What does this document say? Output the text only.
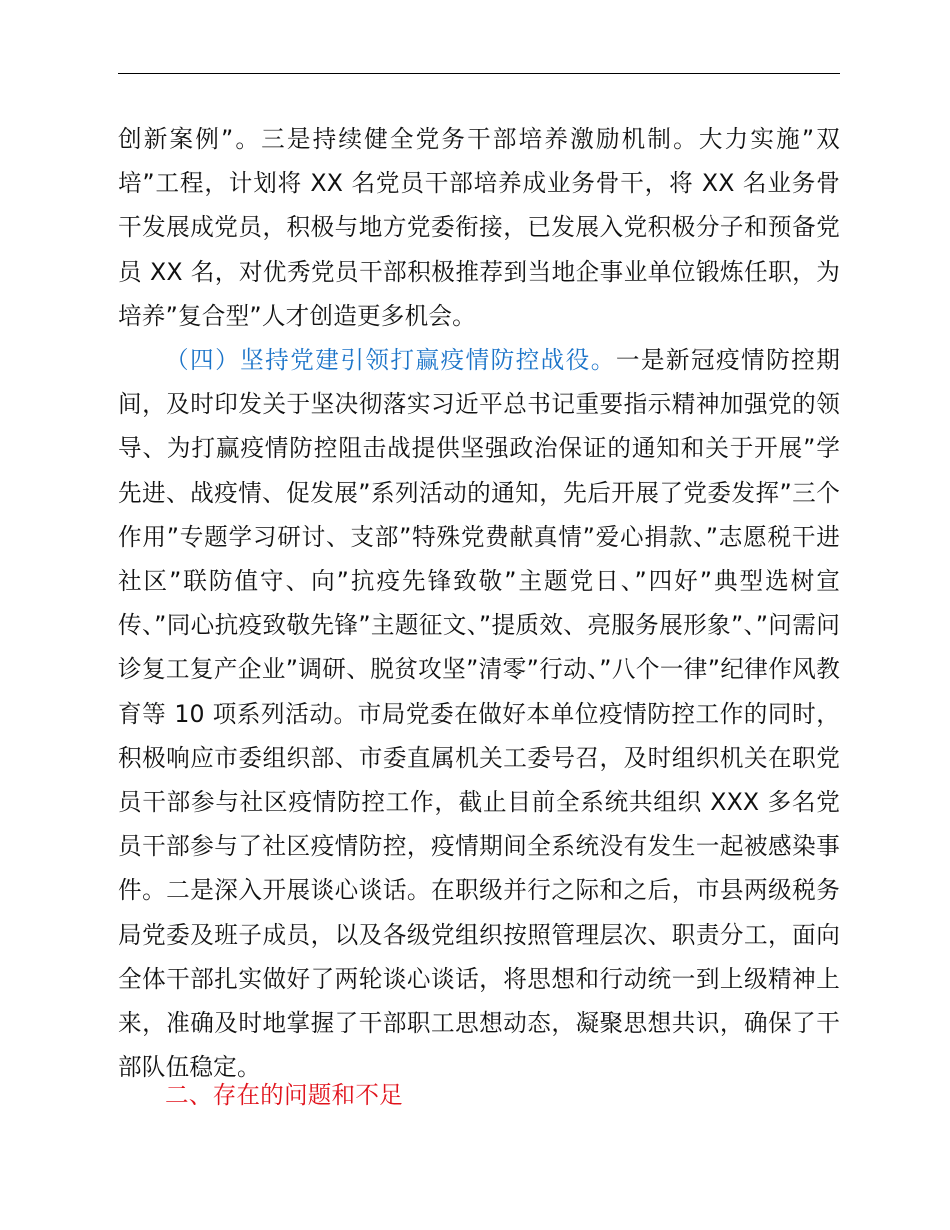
创新案例”。三是持续健全党务干部培养激励机制。大力实施”双培”工程，计划将 XX 名党员干部培养成业务骨干，将 XX 名业务骨干发展成党员，积极与地方党委衔接，已发展入党积极分子和预备党员 XX 名，对优秀党员干部积极推荐到当地企事业单位锻炼任职，为培养”复合型”人才创造更多机会。

（四）坚持党建引领打赢疫情防控战役。一是新冠疫情防控期间，及时印发关于坚决彻落实习近平总书记重要指示精神加强党的领导、为打赢疫情防控阻击战提供坚强政治保证的通知和关于开展”学先进、战疫情、促发展”系列活动的通知，先后开展了党委发挥”三个作用”专题学习研讨、支部”特殊党费献真情”爱心捐款、”志愿税干进社区”联防值守、向”抗疫先锋致敬”主题党日、”四好”典型选树宣传、”同心抗疫致敬先锋”主题征文、”提质效、亮服务展形象”、”问需问诊复工复产企业”调研、脱贫攻坚”清零”行动、”八个一律”纪律作风教育等 10 项系列活动。市局党委在做好本单位疫情防控工作的同时，积极响应市委组织部、市委直属机关工委号召，及时组织机关在职党员干部参与社区疫情防控工作，截止目前全系统共组织 XXX 多名党员干部参与了社区疫情防控，疫情期间全系统没有发生一起被感染事件。二是深入开展谈心谈话。在职级并行之际和之后，市县两级税务局党委及班子成员，以及各级党组织按照管理层次、职责分工，面向全体干部扎实做好了两轮谈心谈话，将思想和行动统一到上级精神上来，准确及时地掌握了干部职工思想动态，凝聚思想共识，确保了干部队伍稳定。

二、存在的问题和不足
